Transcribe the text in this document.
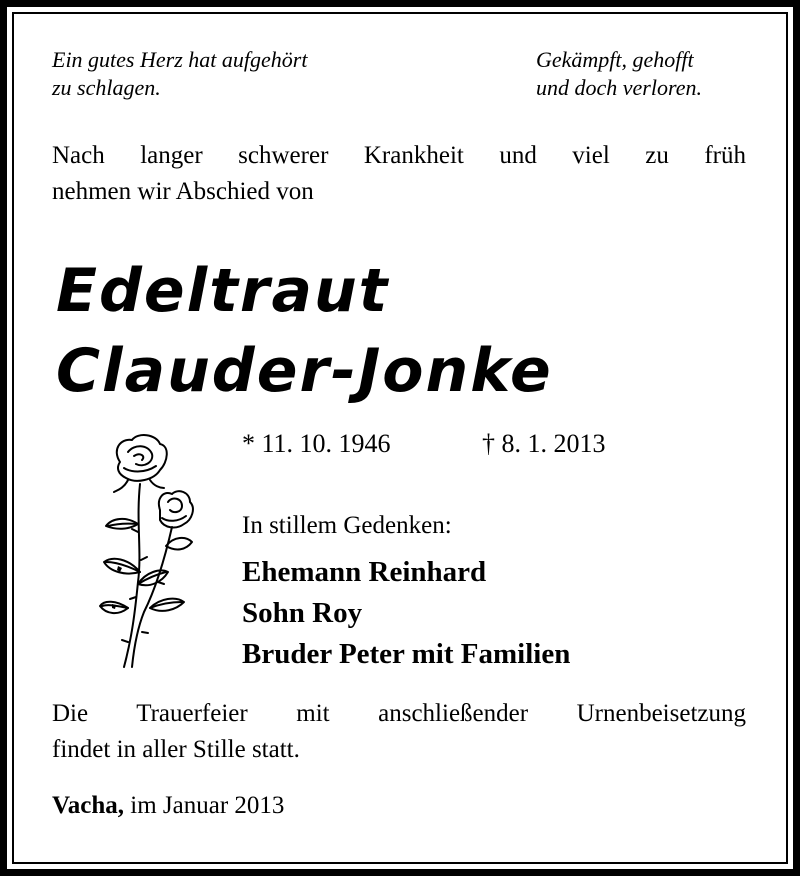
Ein gutes Herz hat aufgehört
zu schlagen.
Gekämpft, gehofft
und doch verloren.
Nach langer schwerer Krankheit und viel zu früh
nehmen wir Abschied von
Edeltraut
Clauder-Jonke
* 11. 10. 1946	† 8. 1. 2013
In stillem Gedenken:
Ehemann Reinhard
Sohn Roy
Bruder Peter mit Familien
Die Trauerfeier mit anschließender Urnenbeisetzung
findet in aller Stille statt.
Vacha, im Januar 2013
